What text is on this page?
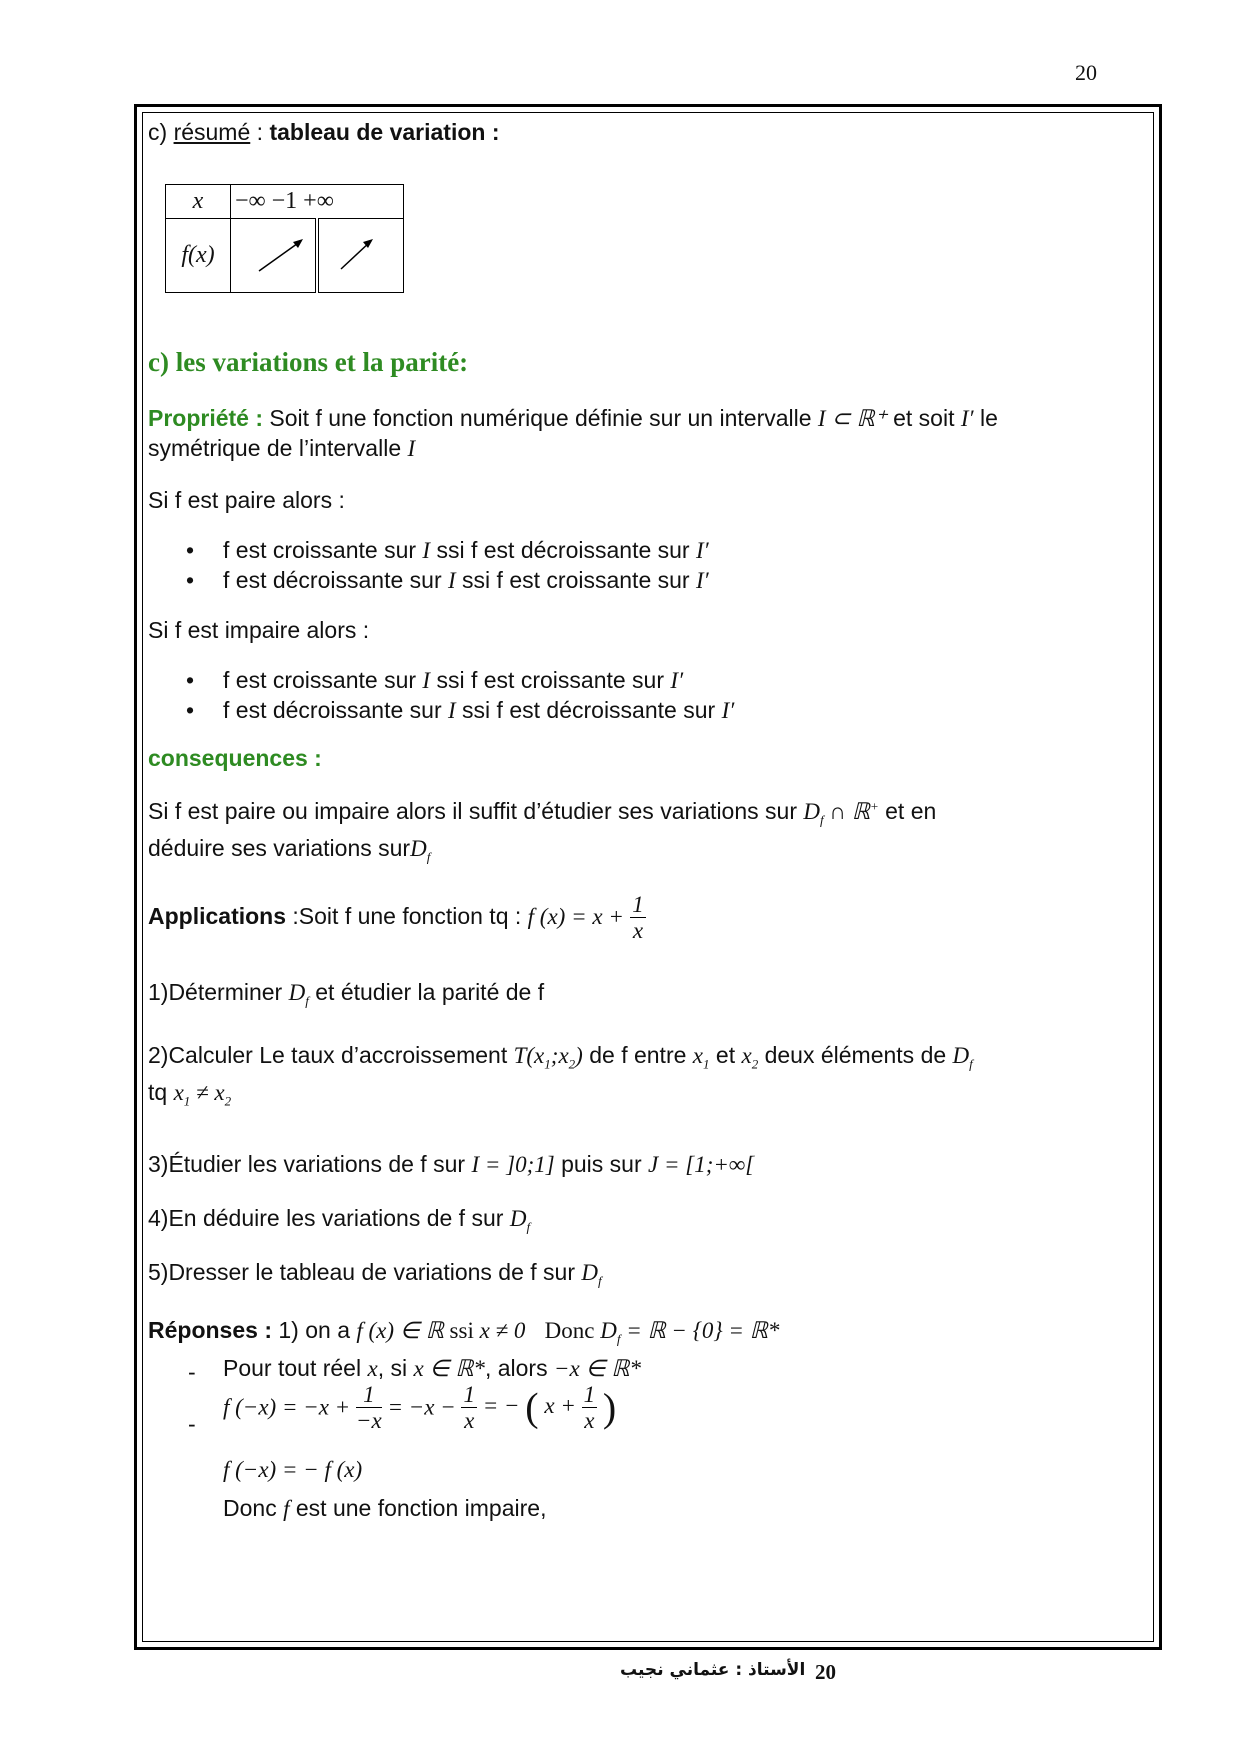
20

c) résumé : tableau de variation :

x	−∞ −1 +∞	
f(x)		

c) les variations et la parité:

Propriété : Soit f une fonction numérique définie sur un intervalle I ⊂ ℝ⁺ et soit I′ le
symétrique de l’intervalle I

Si f est paire alors :

• f est croissante sur I ssi f est décroissante sur I′
• f est décroissante sur I ssi f est croissante sur I′

Si f est impaire alors :

• f est croissante sur I ssi f est croissante sur I′
• f est décroissante sur I ssi f est décroissante sur I′

consequences :

Si f est paire ou impaire alors il suffit d’étudier ses variations sur $D_f$ ∩ ℝ+ et en
déduire ses variations surD$_f$

Applications :Soit f une fonction tq : f $(x) = x + \frac{1}{x}$

1)Déterminer $D_f$ et étudier la parité de f

2)Calculer Le taux d’accroissement $T(x_1;x_2)$ de f entre $x_1$ et $x_2$ deux éléments de $D_f$
tq $x_1 \ne x_2$

3)Étudier les variations de f sur I = ]0;1] puis sur J = [1;+∞[

4)En déduire les variations de f sur $D_f$

5)Dresser le tableau de variations de f sur $D_f$

Réponses : 1) on a f (x) ∈ ℝ ssi x ≠ 0 Donc $D_f$ = ℝ − {0} = ℝ*

- Pour tout réel x, si x ∈ ℝ*, alors −x ∈ ℝ*

-
f $(-x) = -x + \frac{1}{-x} = -x - \frac{1}{x}$ = − ( $x + \frac{1}{x}$ )

f (−x) = − f (x)

Donc f est une fonction impaire,

الأستاذ : عثماني نجيب 20
